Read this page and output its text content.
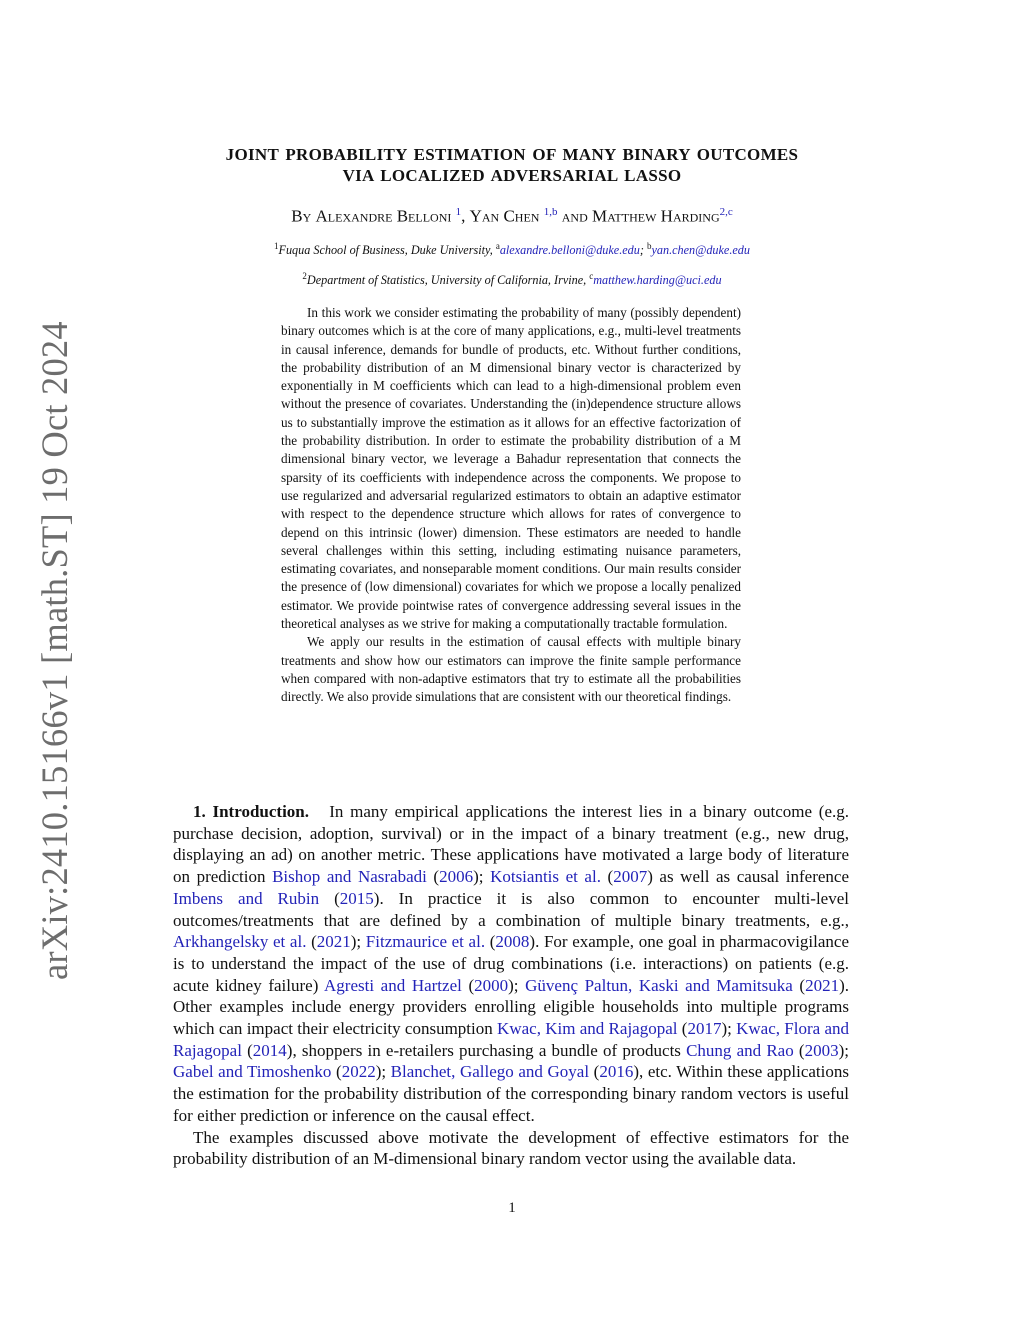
arXiv:2410.15166v1 [math.ST] 19 Oct 2024
JOINT PROBABILITY ESTIMATION OF MANY BINARY OUTCOMES
VIA LOCALIZED ADVERSARIAL LASSO
By Alexandre Belloni $^1$, Yan Chen $^{1,b}$ and Matthew Harding$^{2,c}$
$^1$Fuqua School of Business, Duke University, $^a$alexandre.belloni@duke.edu; $^b$yan.chen@duke.edu
$^2$Department of Statistics, University of California, Irvine, $^c$matthew.harding@uci.edu

In this work we consider estimating the probability of many (possibly dependent) binary outcomes which is at the core of many applications, e.g., multi-level treatments in causal inference, demands for bundle of products, etc. Without further conditions, the probability distribution of an M dimensional binary vector is characterized by exponentially in M coefficients which can lead to a high-dimensional problem even without the presence of covariates. Understanding the (in)dependence structure allows us to substantially improve the estimation as it allows for an effective factorization of the probability distribution. In order to estimate the probability distribution of a M dimensional binary vector, we leverage a Bahadur representation that connects the sparsity of its coefficients with independence across the components. We propose to use regularized and adversarial regularized estimators to obtain an adaptive estimator with respect to the dependence structure which allows for rates of convergence to depend on this intrinsic (lower) dimension. These estimators are needed to handle several challenges within this setting, including estimating nuisance parameters, estimating covariates, and nonseparable moment conditions. Our main results consider the presence of (low dimensional) covariates for which we propose a locally penalized estimator. We provide pointwise rates of convergence addressing several issues in the theoretical analyses as we strive for making a computationally tractable formulation.

We apply our results in the estimation of causal effects with multiple binary treatments and show how our estimators can improve the finite sample performance when compared with non-adaptive estimators that try to estimate all the probabilities directly. We also provide simulations that are consistent with our theoretical findings.

1. Introduction. In many empirical applications the interest lies in a binary outcome (e.g. purchase decision, adoption, survival) or in the impact of a binary treatment (e.g., new drug, displaying an ad) on another metric. These applications have motivated a large body of literature on prediction Bishop and Nasrabadi (2006); Kotsiantis et al. (2007) as well as causal inference Imbens and Rubin (2015). In practice it is also common to encounter multi-level outcomes/treatments that are defined by a combination of multiple binary treatments, e.g., Arkhangelsky et al. (2021); Fitzmaurice et al. (2008). For example, one goal in pharmacovigilance is to understand the impact of the use of drug combinations (i.e. interactions) on patients (e.g. acute kidney failure) Agresti and Hartzel (2000); Güvenç Paltun, Kaski and Mamitsuka (2021). Other examples include energy providers enrolling eligible households into multiple programs which can impact their electricity consumption Kwac, Kim and Rajagopal (2017); Kwac, Flora and Rajagopal (2014), shoppers in e-retailers purchasing a bundle of products Chung and Rao (2003); Gabel and Timoshenko (2022); Blanchet, Gallego and Goyal (2016), etc. Within these applications the estimation for the probability distribution of the corresponding binary random vectors is useful for either prediction or inference on the causal effect.

The examples discussed above motivate the development of effective estimators for the probability distribution of an M-dimensional binary random vector using the available data.

1
